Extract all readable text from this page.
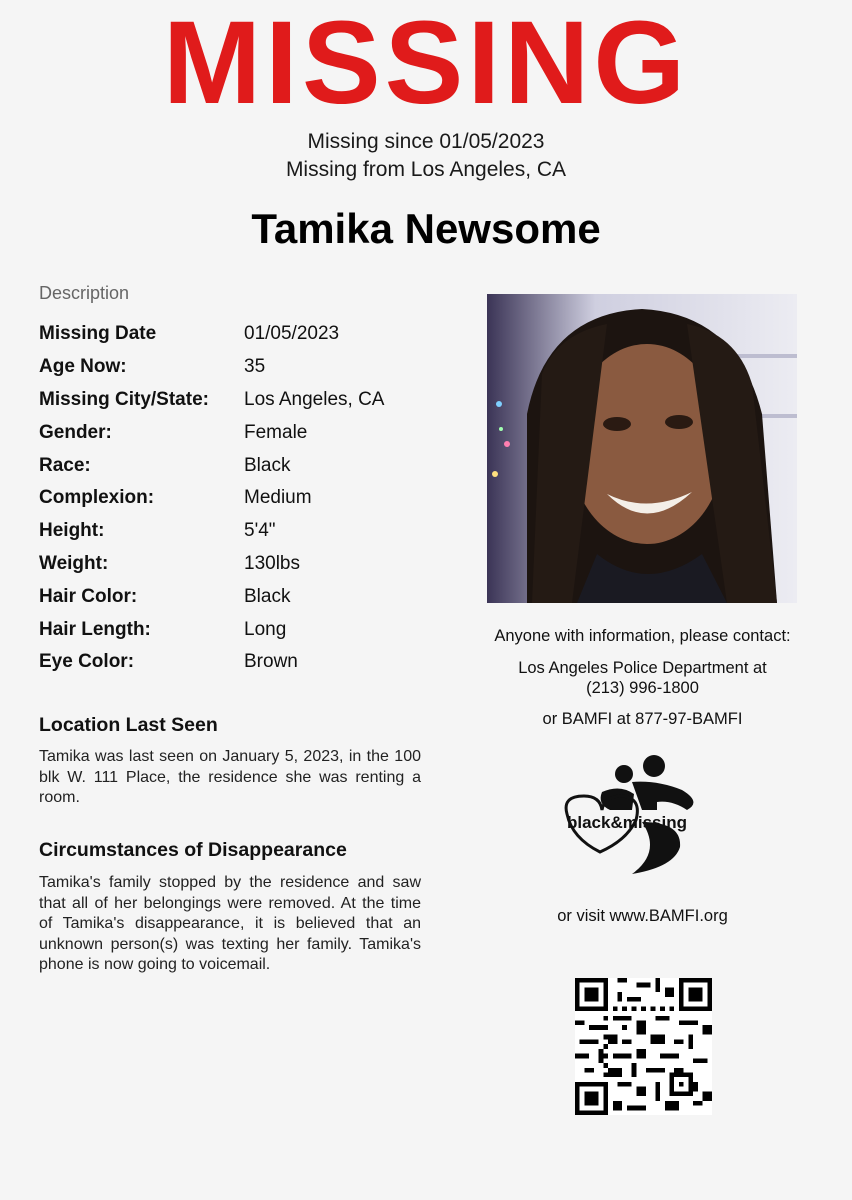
MISSING
Missing since 01/05/2023
Missing from Los Angeles, CA
Tamika Newsome
Description
Missing Date	01/05/2023
Age Now:	35
Missing City/State:	Los Angeles, CA
Gender:	Female
Race:	Black
Complexion:	Medium
Height:	5'4"
Weight:	130lbs
Hair Color:	Black
Hair Length:	Long
Eye Color:	Brown
Location Last Seen
Tamika was last seen on January 5, 2023, in the 100 blk W. 111 Place, the residence she was renting a room.
Circumstances of Disappearance
Tamika's family stopped by the residence and saw that all of her belongings were removed. At the time of Tamika's disappearance, it is believed that an unknown person(s) was texting her family. Tamika's phone is now going to voicemail.
Anyone with information, please contact:
Los Angeles Police Department at
(213) 996-1800
or BAMFI at 877-97-BAMFI
black&missing
or visit www.BAMFI.org
